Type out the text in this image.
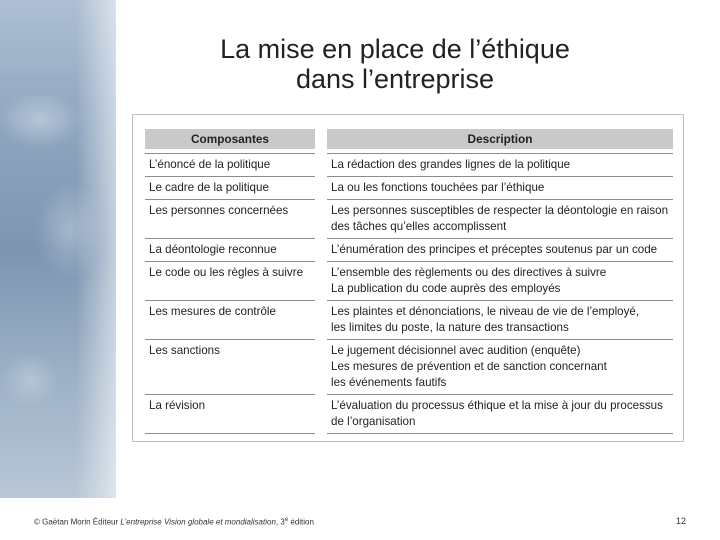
La mise en place de l’éthique
dans l’entreprise
Composantes		Description

L’énoncé de la politique		La rédaction des grandes lignes de la politique

Le cadre de la politique		La ou les fonctions touchées par l’éthique

Les personnes concernées		Les personnes susceptibles de respecter la déontologie en raison
des tâches qu’elles accomplissent

La déontologie reconnue		L’énumération des principes et préceptes soutenus par un code

Le code ou les règles à suivre		L’ensemble des règlements ou des directives à suivre
La publication du code auprès des employés

Les mesures de contrôle		Les plaintes et dénonciations, le niveau de vie de l’employé,
les limites du poste, la nature des transactions

Les sanctions		Le jugement décisionnel avec audition (enquête)
Les mesures de prévention et de sanction concernant
les événements fautifs

La révision		L’évaluation du processus éthique et la mise à jour du processus
de l’organisation
© Gaëtan Morin Éditeur L’entreprise Vision globale et mondialisation, 3e édition	12
